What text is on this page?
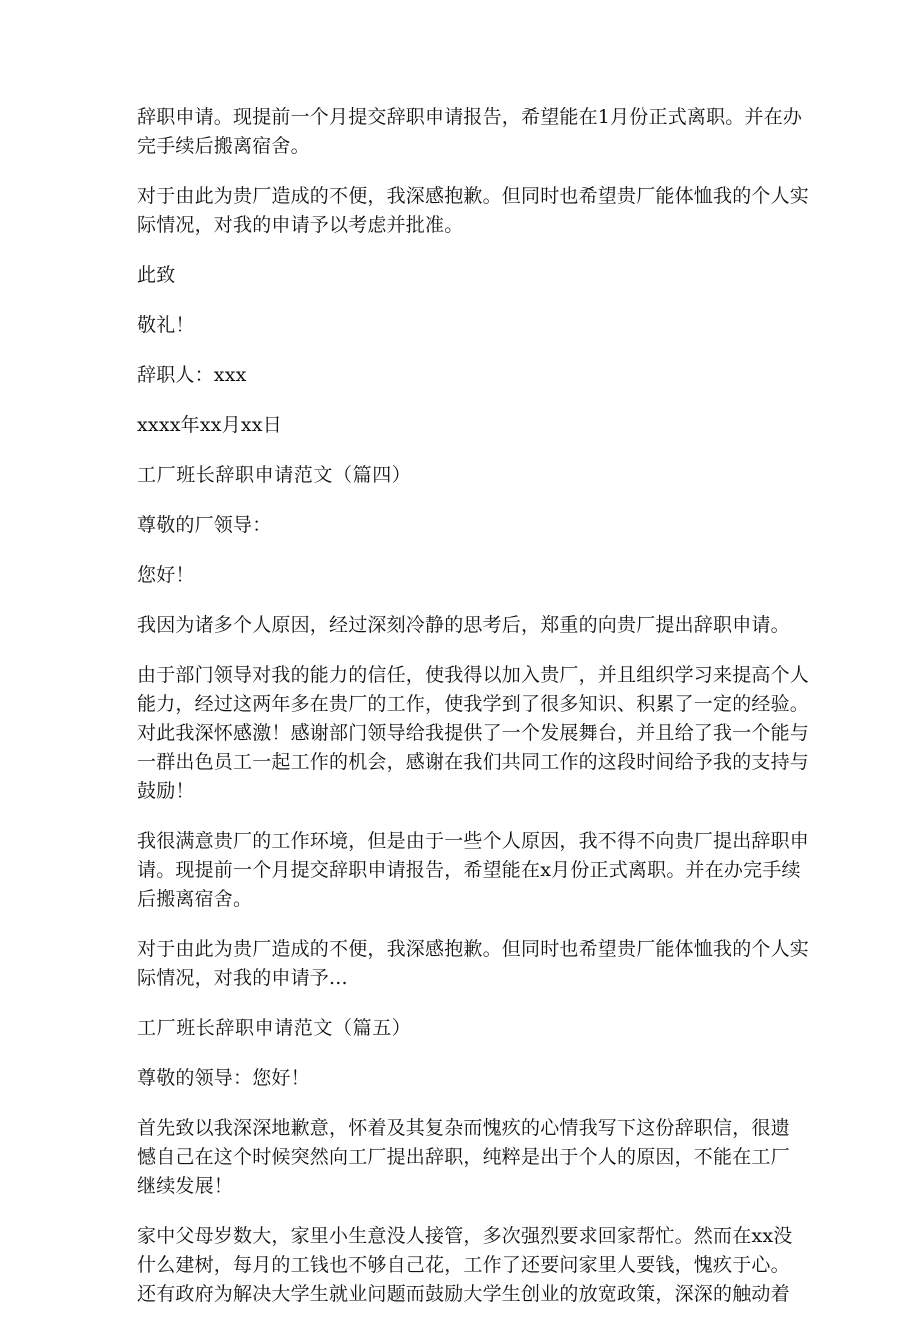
辞职申请。现提前一个月提交辞职申请报告，希望能在1月份正式离职。并在办
完手续后搬离宿舍。
对于由此为贵厂造成的不便，我深感抱歉。但同时也希望贵厂能体恤我的个人实
际情况，对我的申请予以考虑并批准。
此致
敬礼！
辞职人：xxx
xxxx年xx月xx日
工厂班长辞职申请范文（篇四）
尊敬的厂领导：
您好！
我因为诸多个人原因，经过深刻冷静的思考后，郑重的向贵厂提出辞职申请。
由于部门领导对我的能力的信任，使我得以加入贵厂，并且组织学习来提高个人
能力，经过这两年多在贵厂的工作，使我学到了很多知识、积累了一定的经验。
对此我深怀感激！感谢部门领导给我提供了一个发展舞台，并且给了我一个能与
一群出色员工一起工作的机会，感谢在我们共同工作的这段时间给予我的支持与
鼓励！
我很满意贵厂的工作环境，但是由于一些个人原因，我不得不向贵厂提出辞职申
请。现提前一个月提交辞职申请报告，希望能在x月份正式离职。并在办完手续
后搬离宿舍。
对于由此为贵厂造成的不便，我深感抱歉。但同时也希望贵厂能体恤我的个人实
际情况，对我的申请予...
工厂班长辞职申请范文（篇五）
尊敬的领导：您好！
首先致以我深深地歉意，怀着及其复杂而愧疚的心情我写下这份辞职信，很遗
憾自己在这个时候突然向工厂提出辞职，纯粹是出于个人的原因，不能在工厂
继续发展！
家中父母岁数大，家里小生意没人接管，多次强烈要求回家帮忙。然而在xx没
什么建树，每月的工钱也不够自己花，工作了还要问家里人要钱，愧疚于心。
还有政府为解决大学生就业问题而鼓励大学生创业的放宽政策，深深的触动着
